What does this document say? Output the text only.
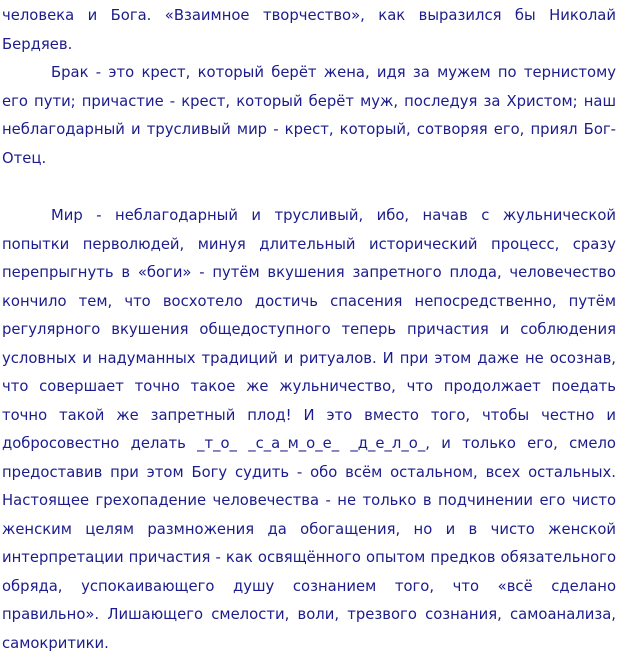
человека и Бога. «Взаимное творчество», как выразился бы Николай Бердяев.

Брак - это крест, который берёт жена, идя за мужем по тернистому его пути; причастие - крест, который берёт муж, последуя за Христом; наш неблагодарный и трусливый мир - крест, который, сотворяя его, приял Бог-Отец.

Мир - неблагодарный и трусливый, ибо, начав с жульнической попытки перволюдей, минуя длительный исторический процесс, сразу перепрыгнуть в «боги» - путём вкушения запретного плода, человечество кончило тем, что восхотело достичь спасения непосредственно, путём регулярного вкушения общедоступного теперь причастия и соблюдения условных и надуманных традиций и ритуалов. И при этом даже не осознав, что совершает точно такое же жульничество, что продолжает поедать точно такой же запретный плод! И это вместо того, чтобы честно и добросовестно делать _т_о_ _с_а_м_о_е_ _д_е_л_о_, и только его, смело предоставив при этом Богу судить - обо всём остальном, всех остальных. Настоящее грехопадение человечества - не только в подчинении его чисто женским целям размножения да обогащения, но и в чисто женской интерпретации причастия - как освящённого опытом предков обязательного обряда, успокаивающего душу сознанием того, что «всё сделано правильно». Лишающего смелости, воли, трезвого сознания, самоанализа, самокритики.
